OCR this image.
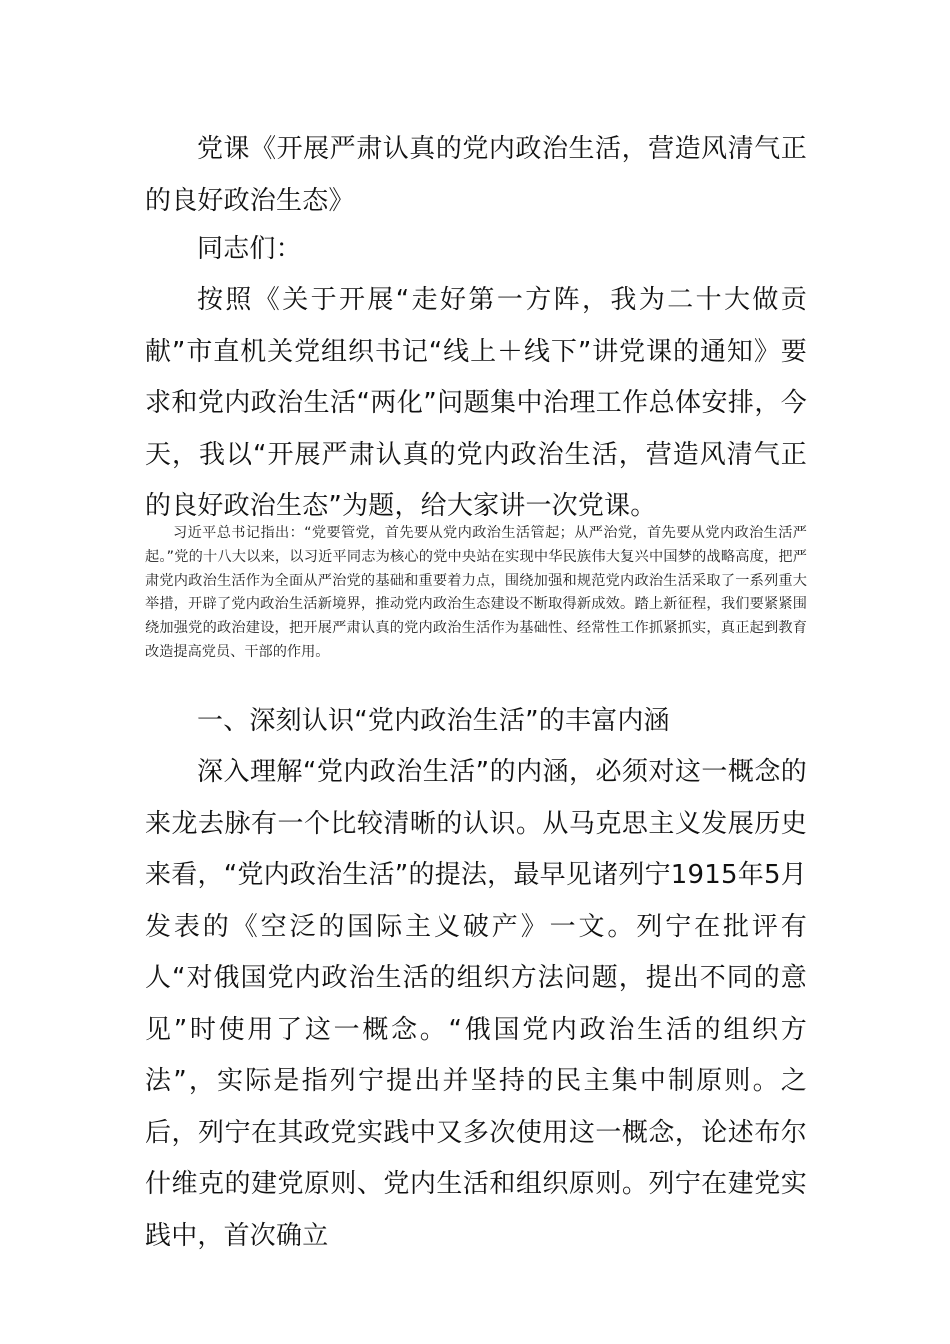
党课《开展严肃认真的党内政治生活，营造风清气正的良好政治生态》

同志们：

按照《关于开展“走好第一方阵，我为二十大做贡献”市直机关党组织书记“线上＋线下”讲党课的通知》要求和党内政治生活“两化”问题集中治理工作总体安排，今天，我以“开展严肃认真的党内政治生活，营造风清气正的良好政治生态”为题，给大家讲一次党课。

习近平总书记指出：“党要管党，首先要从党内政治生活管起；从严治党，首先要从党内政治生活严起。”党的十八大以来，以习近平同志为核心的党中央站在实现中华民族伟大复兴中国梦的战略高度，把严肃党内政治生活作为全面从严治党的基础和重要着力点，围绕加强和规范党内政治生活采取了一系列重大举措，开辟了党内政治生活新境界，推动党内政治生态建设不断取得新成效。踏上新征程，我们要紧紧围绕加强党的政治建设，把开展严肃认真的党内政治生活作为基础性、经常性工作抓紧抓实，真正起到教育改造提高党员、干部的作用。

一、深刻认识“党内政治生活”的丰富内涵

深入理解“党内政治生活”的内涵，必须对这一概念的来龙去脉有一个比较清晰的认识。从马克思主义发展历史来看，“党内政治生活”的提法，最早见诸列宁1915年5月发表的《空泛的国际主义破产》一文。列宁在批评有人“对俄国党内政治生活的组织方法问题，提出不同的意见”时使用了这一概念。“俄国党内政治生活的组织方法”，实际是指列宁提出并坚持的民主集中制原则。之后，列宁在其政党实践中又多次使用这一概念，论述布尔什维克的建党原则、党内生活和组织原则。列宁在建党实践中，首次确立
